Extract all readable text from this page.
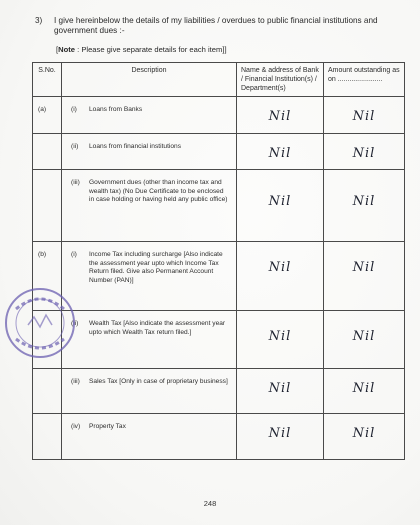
3) I give hereinbelow the details of my liabilities / overdues to public financial institutions and government dues :-
[Note : Please give separate details for each item]]
S.No.	Description	Name & address of Bank / Financial Institution(s) / Department(s)	Amount outstanding as on .......................

(a)	(i) Loans from Banks	Nil	Nil

	(ii) Loans from financial institutions	Nil	Nil

	(iii) Government dues (other than income tax and wealth tax) (No Due Certificate to be enclosed in case holding or having held any public office)	Nil	Nil

(b)	(i) Income Tax including surcharge [Also indicate the assessment year upto which Income Tax Return filed. Give also Permanent Account Number (PAN)]	Nil	Nil

	(ii) Wealth Tax [Also indicate the assessment year upto which Wealth Tax return filed.]	Nil	Nil

	(iii) Sales Tax [Only in case of proprietary business]	Nil	Nil

	(iv) Property Tax	Nil	Nil
248
